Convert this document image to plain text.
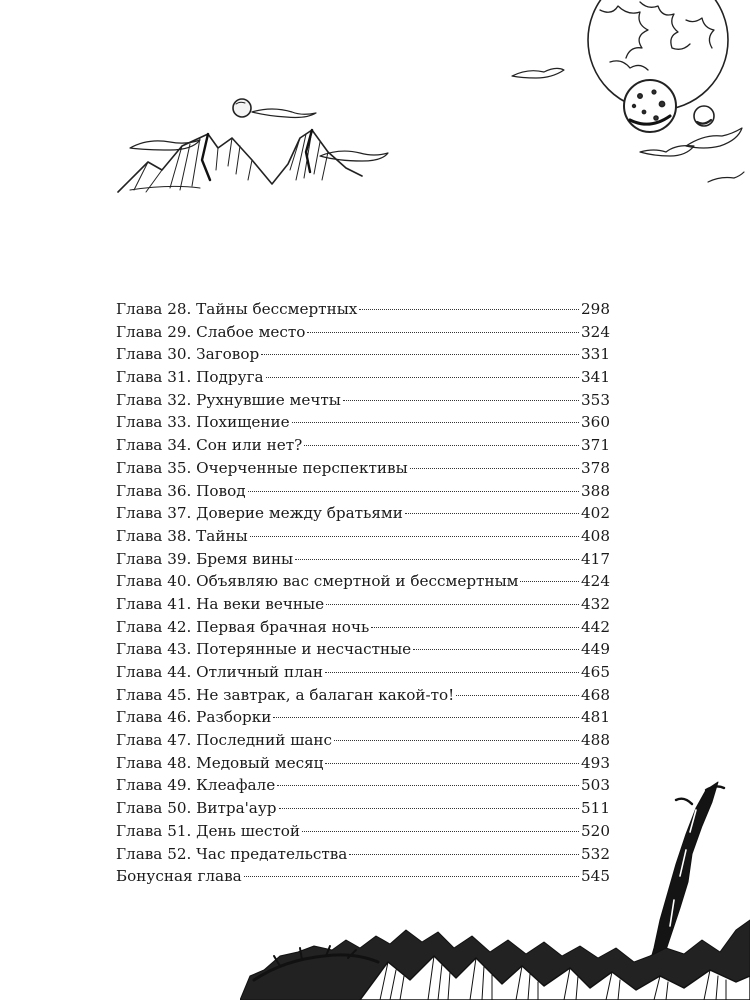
Глава 28. Тайны бессмертных	298
Глава 29. Слабое место	324
Глава 30. Заговор	331
Глава 31. Подруга	341
Глава 32. Рухнувшие мечты	353
Глава 33. Похищение	360
Глава 34. Сон или нет?	371
Глава 35. Очерченные перспективы	378
Глава 36. Повод	388
Глава 37. Доверие между братьями	402
Глава 38. Тайны	408
Глава 39. Бремя вины	417
Глава 40. Объявляю вас смертной и бессмертным	424
Глава 41. На веки вечные	432
Глава 42. Первая брачная ночь	442
Глава 43. Потерянные и несчастные	449
Глава 44. Отличный план	465
Глава 45. Не завтрак, а балаган какой-то!	468
Глава 46. Разборки	481
Глава 47. Последний шанс	488
Глава 48. Медовый месяц	493
Глава 49. Клеафале	503
Глава 50. Витра'аур	511
Глава 51. День шестой	520
Глава 52. Час предательства	532
Бонусная глава	545
